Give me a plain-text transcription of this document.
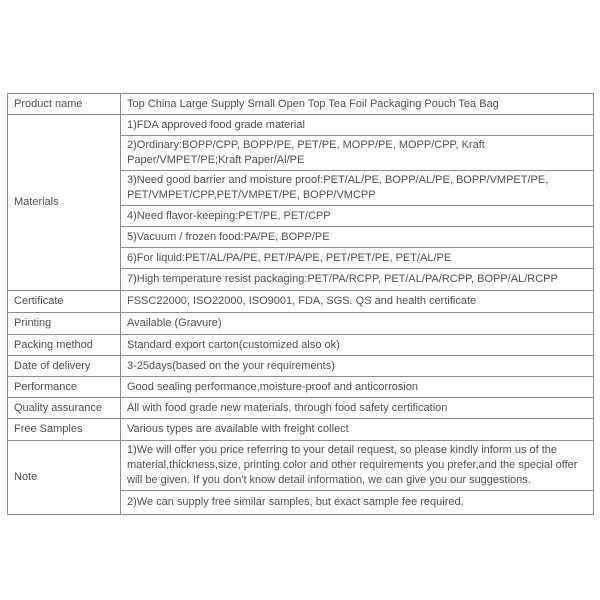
Product name	Top China Large Supply Small Open Top Tea Foil Packaging Pouch Tea Bag
Materials	1)FDA approved food grade material
	2)Ordinary:BOPP/CPP, BOPP/PE, PET/PE, MOPP/PE, MOPP/CPP, Kraft Paper/VMPET/PE;Kraft Paper/Al/PE
	3)Need good barrier and moisture proof:PET/AL/PE, BOPP/AL/PE, BOPP/VMPET/PE, PET/VMPET/CPP,PET/VMPET/PE, BOPP/VMCPP
	4)Need flavor-keeping:PET/PE, PET/CPP
	5)Vacuum / frozen food:PA/PE, BOPP/PE
	6)For liquid:PET/AL/PA/PE, PET/PA/PE, PET/PET/PE, PET/AL/PE
	7)High temperature resist packaging:PET/PA/RCPP, PET/AL/PA/RCPP, BOPP/AL/RCPP
Certificate	FSSC22000, ISO22000, ISO9001, FDA, SGS. QS and health certificate
Printing	Available (Gravure)
Packing method	Standard export carton(customized also ok)
Date of delivery	3-25days(based on the your requirements)
Performance	Good sealing performance,moisture-proof and anticorrosion
Quality assurance	All with food grade new materials, through food safety certification
Free Samples	Various types are available with freight collect
Note	1)We will offer you price referring to your detail request, so please kindly inform us of the material,thickness,size, printing color and other requirements you prefer,and the special offer will be given. If you don't know detail information, we can give you our suggestions.
	2)We can supply free similar samples, but exact sample fee required.
